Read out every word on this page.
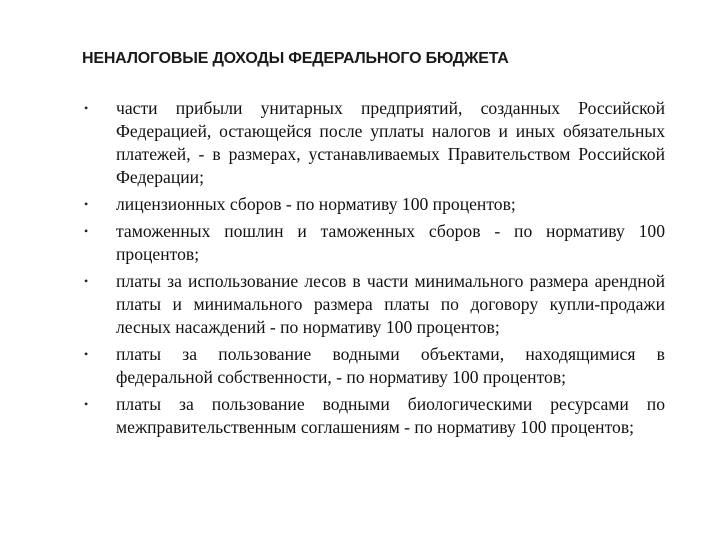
НЕНАЛОГОВЫЕ ДОХОДЫ ФЕДЕРАЛЬНОГО БЮДЖЕТА
• части прибыли унитарных предприятий, созданных Российской Федерацией, остающейся после уплаты налогов и иных обязательных платежей, - в размерах, устанавливаемых Правительством Российской Федерации;
• лицензионных сборов - по нормативу 100 процентов;
• таможенных пошлин и таможенных сборов - по нормативу 100 процентов;
• платы за использование лесов в части минимального размера арендной платы и минимального размера платы по договору купли-продажи лесных насаждений - по нормативу 100 процентов;
• платы за пользование водными объектами, находящимися в федеральной собственности, - по нормативу 100 процентов;
• платы за пользование водными биологическими ресурсами по межправительственным соглашениям - по нормативу 100 процентов;
